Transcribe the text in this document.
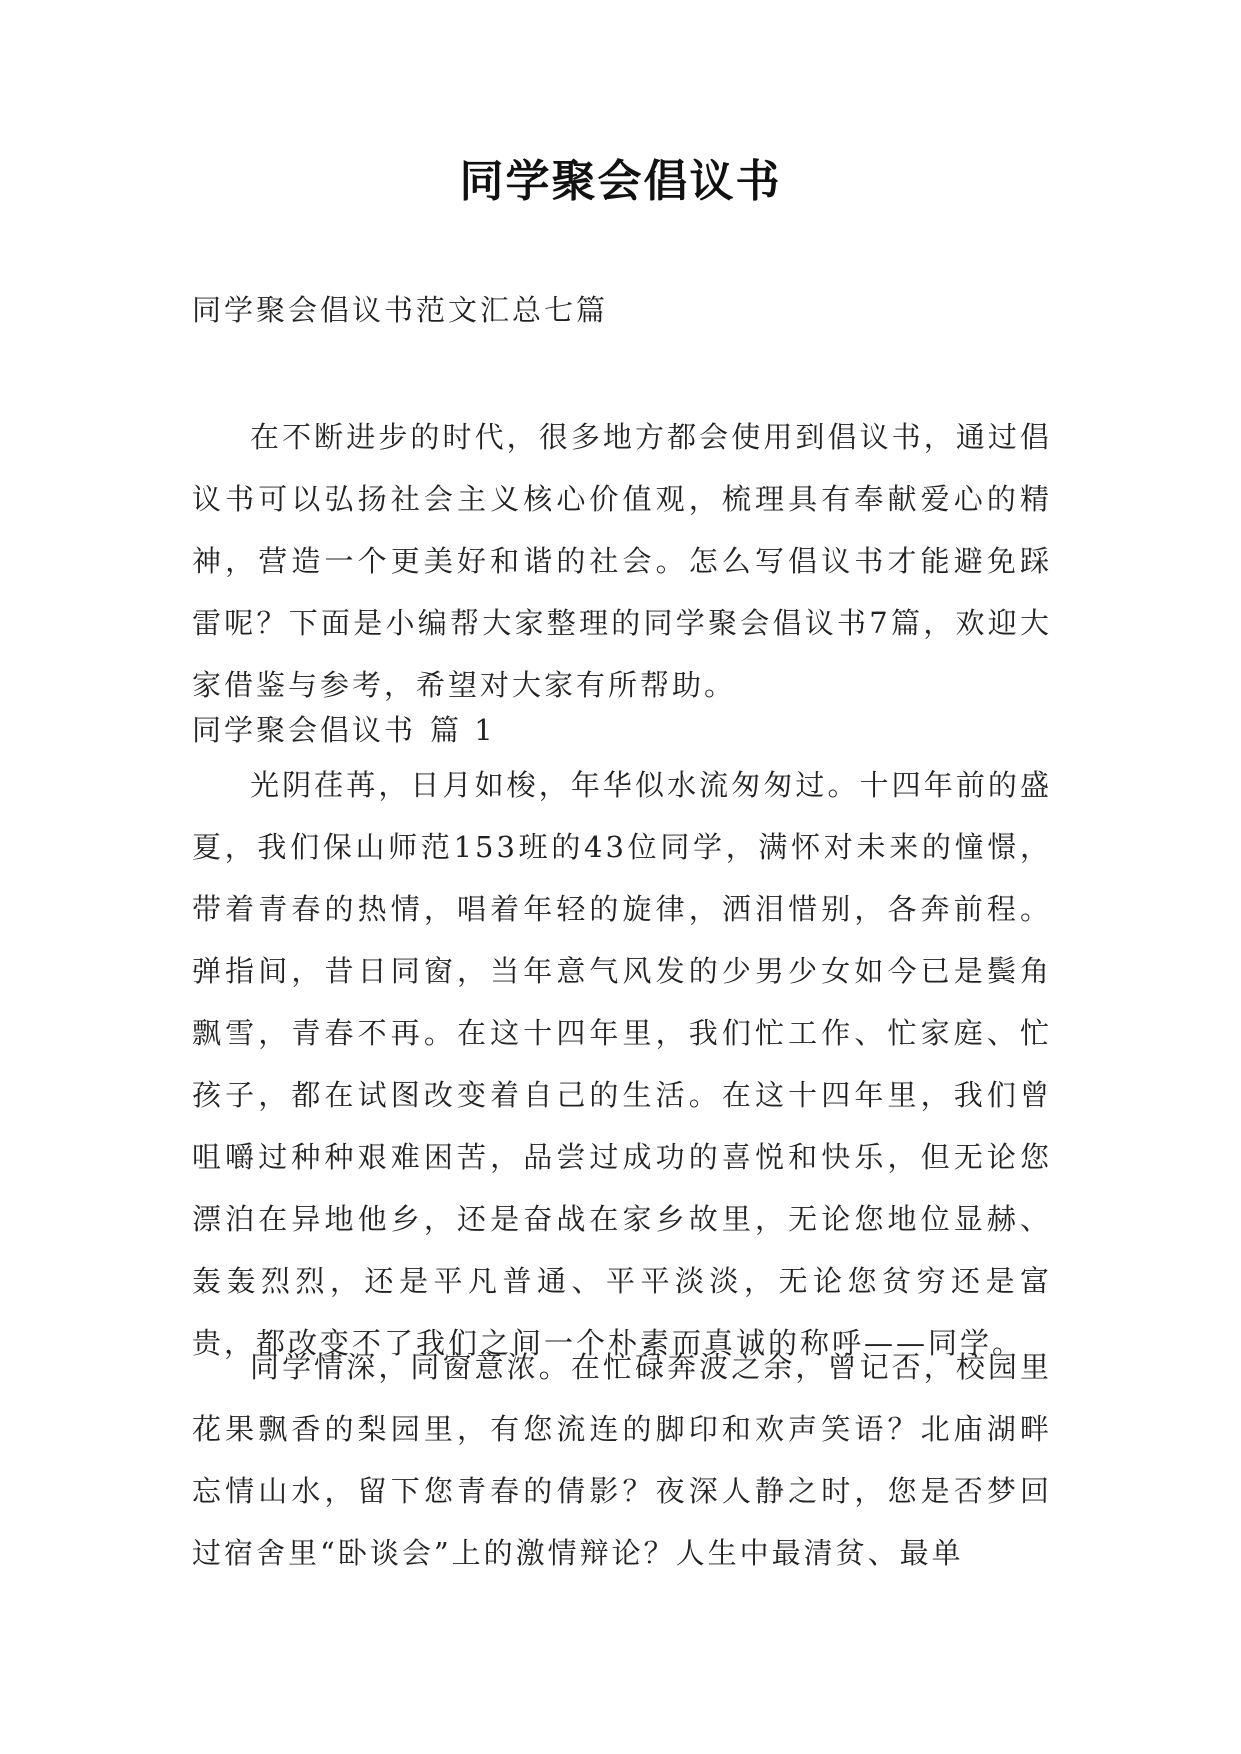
同学聚会倡议书
同学聚会倡议书范文汇总七篇

在不断进步的时代，很多地方都会使用到倡议书，通过倡议书可以弘扬社会主义核心价值观，梳理具有奉献爱心的精神，营造一个更美好和谐的社会。怎么写倡议书才能避免踩雷呢？下面是小编帮大家整理的同学聚会倡议书7篇，欢迎大家借鉴与参考，希望对大家有所帮助。

同学聚会倡议书 篇 1

光阴荏苒，日月如梭，年华似水流匆匆过。十四年前的盛夏，我们保山师范153班的43位同学，满怀对未来的憧憬，带着青春的热情，唱着年轻的旋律，洒泪惜别，各奔前程。弹指间，昔日同窗，当年意气风发的少男少女如今已是鬓角飘雪，青春不再。在这十四年里，我们忙工作、忙家庭、忙孩子，都在试图改变着自己的生活。在这十四年里，我们曾咀嚼过种种艰难困苦，品尝过成功的喜悦和快乐，但无论您漂泊在异地他乡，还是奋战在家乡故里，无论您地位显赫、轰轰烈烈，还是平凡普通、平平淡淡，无论您贫穷还是富贵，都改变不了我们之间一个朴素而真诚的称呼——同学。

同学情深，同窗意浓。在忙碌奔波之余，曾记否，校园里花果飘香的梨园里，有您流连的脚印和欢声笑语？北庙湖畔忘情山水，留下您青春的倩影？夜深人静之时，您是否梦回过宿舍里“卧谈会”上的激情辩论？人生中最清贫、最单
